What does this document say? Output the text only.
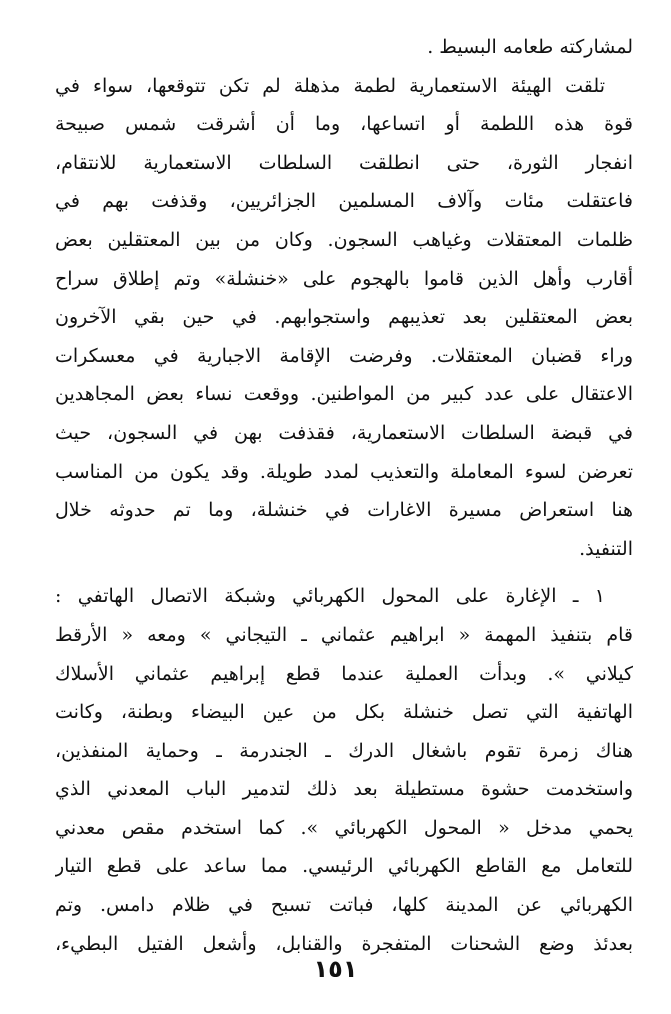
لمشاركته طعامه البسيط .
تلقت الهيئة الاستعمارية لطمة مذهلة لم تكن تتوقعها، سواء في
قوة هذه اللطمة أو اتساعها، وما أن أشرقت شمس صبيحة
انفجار الثورة، حتى انطلقت السلطات الاستعمارية للانتقام،
فاعتقلت مئات وآلاف المسلمين الجزائريين، وقذفت بهم في
ظلمات المعتقلات وغياهب السجون. وكان من بين المعتقلين بعض
أقارب وأهل الذين قاموا بالهجوم على «خنشلة» وتم إطلاق سراح
بعض المعتقلين بعد تعذيبهم واستجوابهم. في حين بقي الآخرون
وراء قضبان المعتقلات. وفرضت الإقامة الاجبارية في معسكرات
الاعتقال على عدد كبير من المواطنين. ووقعت نساء بعض المجاهدين
في قبضة السلطات الاستعمارية، فقذفت بهن في السجون، حيث
تعرضن لسوء المعاملة والتعذيب لمدد طويلة. وقد يكون من المناسب
هنا استعراض مسيرة الاغارات في خنشلة، وما تم حدوثه خلال
التنفيذ.
١ ـ الإغارة على المحول الكهربائي وشبكة الاتصال الهاتفي :
قام بتنفيذ المهمة « ابراهيم عثماني ـ التيجاني » ومعه « الأرقط
كيلاني ». وبدأت العملية عندما قطع إبراهيم عثماني الأسلاك
الهاتفية التي تصل خنشلة بكل من عين البيضاء وبطنة، وكانت
هناك زمرة تقوم باشغال الدرك ـ الجندرمة ـ وحماية المنفذين،
واستخدمت حشوة مستطيلة بعد ذلك لتدمير الباب المعدني الذي
يحمي مدخل « المحول الكهربائي ». كما استخدم مقص معدني
للتعامل مع القاطع الكهربائي الرئيسي. مما ساعد على قطع التيار
الكهربائي عن المدينة كلها، فباتت تسبح في ظلام دامس. وتم
بعدئذ وضع الشحنات المتفجرة والقنابل، وأشعل الفتيل البطيء،
١٥١
